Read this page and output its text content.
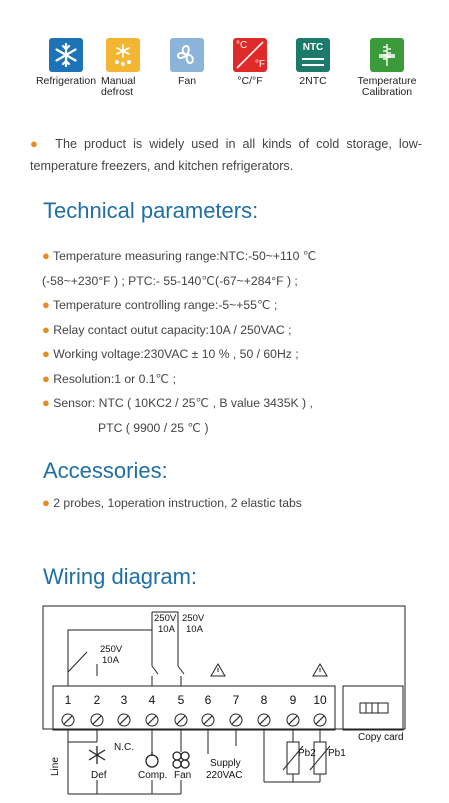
Refrigeration Manual defrost
Fan
°C
°F
°C/°F
NTC
2NTC	Temperature Calibration
● The product is widely used in all kinds of cold storage, low-temperature freezers, and kitchen refrigerators.
Technical parameters:
● Temperature measuring range:NTC:-50~+110 ℃
(-58~+230°F ) ; PTC:- 55-140℃(-67~+284°F ) ;
● Temperature controlling range:-5~+55℃ ;
● Relay contact outut capacity:10A / 250VAC ;
● Working voltage:230VAC ± 10 % , 50 / 60Hz ;
● Resolution:1 or 0.1℃ ;
● Sensor: NTC ( 10KC2 / 25℃ , B value 3435K ) ,
PTC ( 9900 / 25 ℃ )
Accessories:
● 2 probes, 1operation instruction, 2 elastic tabs
Wiring diagram:
1 2 3 4 5 6 7 8 9 10
250V
10A
250V
10A
250V
10A
Line	Def
N.C.
Comp. Fan
Supply
220VAC
Pb2 Pb1
Copy card
